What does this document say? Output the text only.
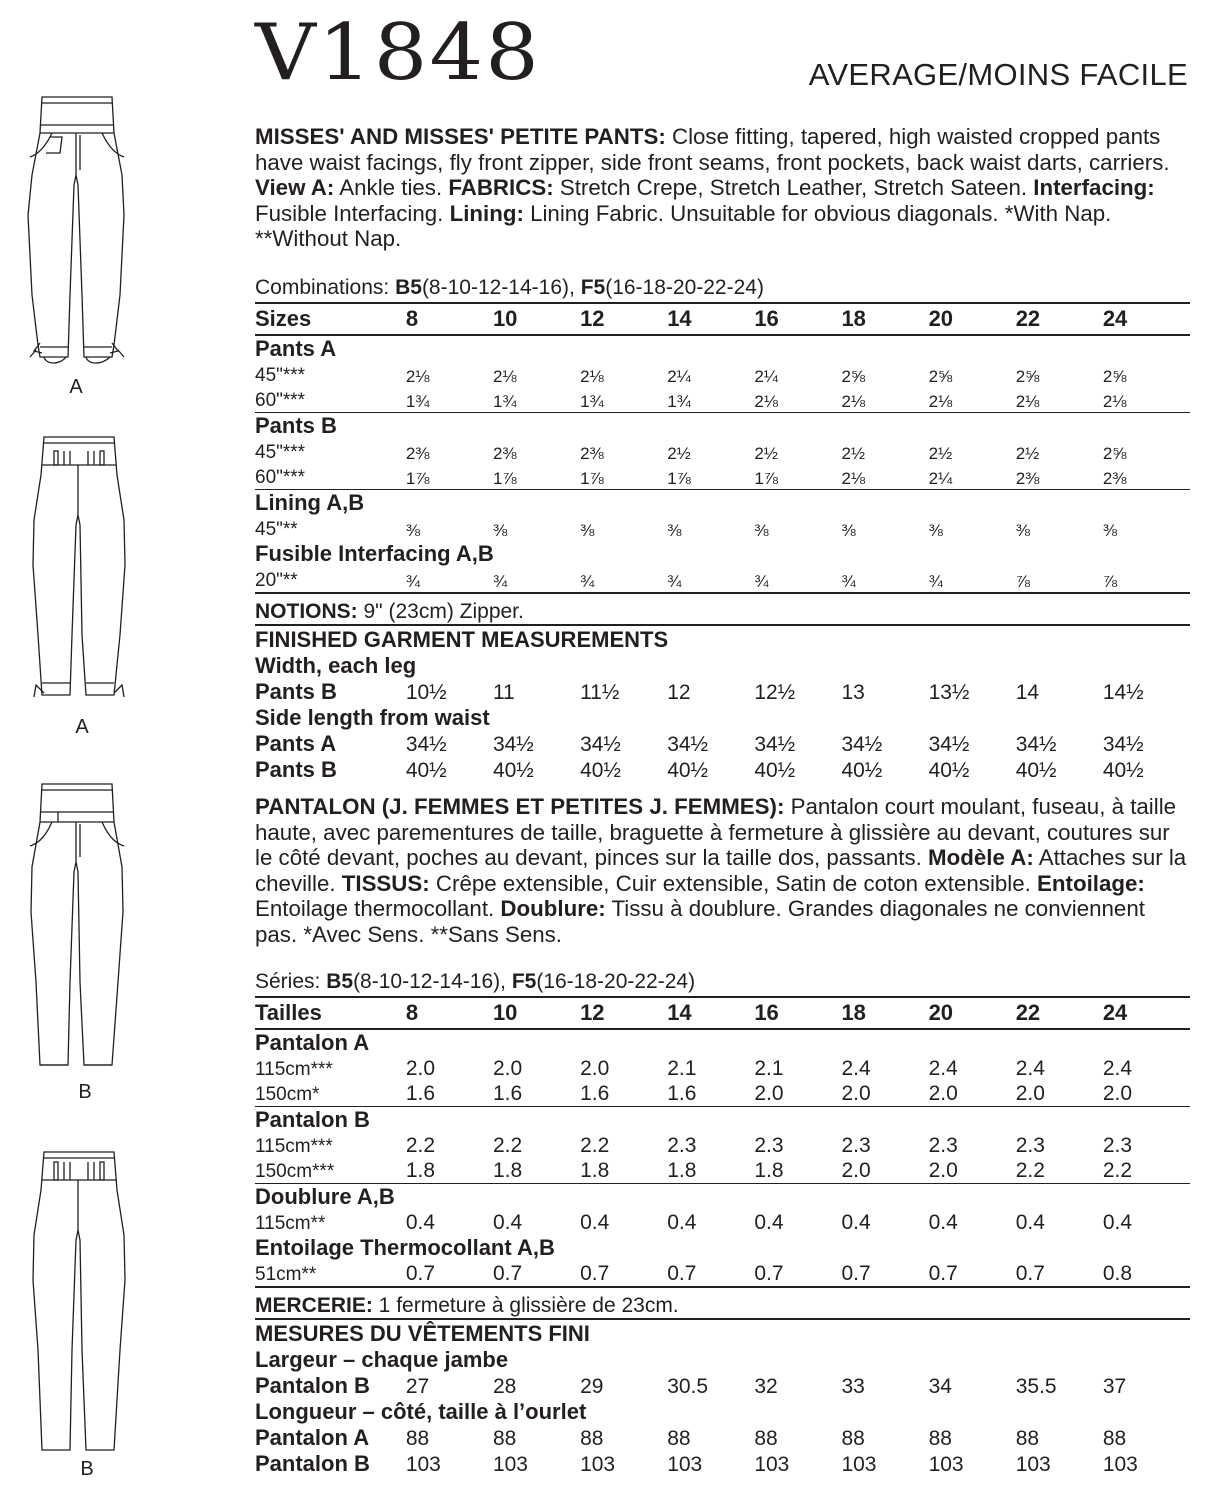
A
A
B
B
V1848	AVERAGE/MOINS FACILE

MISSES' AND MISSES' PETITE PANTS: Close fitting, tapered, high waisted cropped pants have waist facings, fly front zipper, side front seams, front pockets, back waist darts, carriers. View A: Ankle ties. FABRICS: Stretch Crepe, Stretch Leather, Stretch Sateen. Interfacing: Fusible Interfacing. Lining: Lining Fabric. Unsuitable for obvious diagonals. *With Nap. **Without Nap.

Combinations: B5(8-10-12-14-16), F5(16-18-20-22-24)
Sizes	8	10	12	14	16	18	20	22	24
Pants A									
45"***	2⅛	2⅛	2⅛	2¼	2¼	2⅝	2⅝	2⅝	2⅝
60"***	1¾	1¾	1¾	1¾	2⅛	2⅛	2⅛	2⅛	2⅛
Pants B									
45"***	2⅜	2⅜	2⅜	2½	2½	2½	2½	2½	2⅝
60"***	1⅞	1⅞	1⅞	1⅞	1⅞	2⅛	2¼	2⅜	2⅜
Lining A,B									
45"**	⅜	⅜	⅜	⅜	⅜	⅜	⅜	⅜	⅜
Fusible Interfacing A,B									
20"**	¾	¾	¾	¾	¾	¾	¾	⅞	⅞
NOTIONS: 9" (23cm) Zipper.									
FINISHED GARMENT MEASUREMENTS									
Width, each leg									
Pants B	10½	11	11½	12	12½	13	13½	14	14½
Side length from waist									
Pants A	34½	34½	34½	34½	34½	34½	34½	34½	34½
Pants B	40½	40½	40½	40½	40½	40½	40½	40½	40½

PANTALON (J. FEMMES ET PETITES J. FEMMES): Pantalon court moulant, fuseau, à taille haute, avec parementures de taille, braguette à fermeture à glissière au devant, coutures sur le côté devant, poches au devant, pinces sur la taille dos, passants. Modèle A: Attaches sur la cheville. TISSUS: Crêpe extensible, Cuir extensible, Satin de coton extensible. Entoilage: Entoilage thermocollant. Doublure: Tissu à doublure. Grandes diagonales ne conviennent pas. *Avec Sens. **Sans Sens.

Séries: B5(8-10-12-14-16), F5(16-18-20-22-24)
Tailles	8	10	12	14	16	18	20	22	24
Pantalon A									
115cm***	2.0	2.0	2.0	2.1	2.1	2.4	2.4	2.4	2.4
150cm*	1.6	1.6	1.6	1.6	2.0	2.0	2.0	2.0	2.0
Pantalon B									
115cm***	2.2	2.2	2.2	2.3	2.3	2.3	2.3	2.3	2.3
150cm***	1.8	1.8	1.8	1.8	1.8	2.0	2.0	2.2	2.2
Doublure A,B									
115cm**	0.4	0.4	0.4	0.4	0.4	0.4	0.4	0.4	0.4
Entoilage Thermocollant A,B									
51cm**	0.7	0.7	0.7	0.7	0.7	0.7	0.7	0.7	0.8
MERCERIE: 1 fermeture à glissière de 23cm.									
MESURES DU VÊTEMENTS FINI									
Largeur – chaque jambe									
Pantalon B	27	28	29	30.5	32	33	34	35.5	37
Longueur – côté, taille à l’ourlet									
Pantalon A	88	88	88	88	88	88	88	88	88
Pantalon B	103	103	103	103	103	103	103	103	103
